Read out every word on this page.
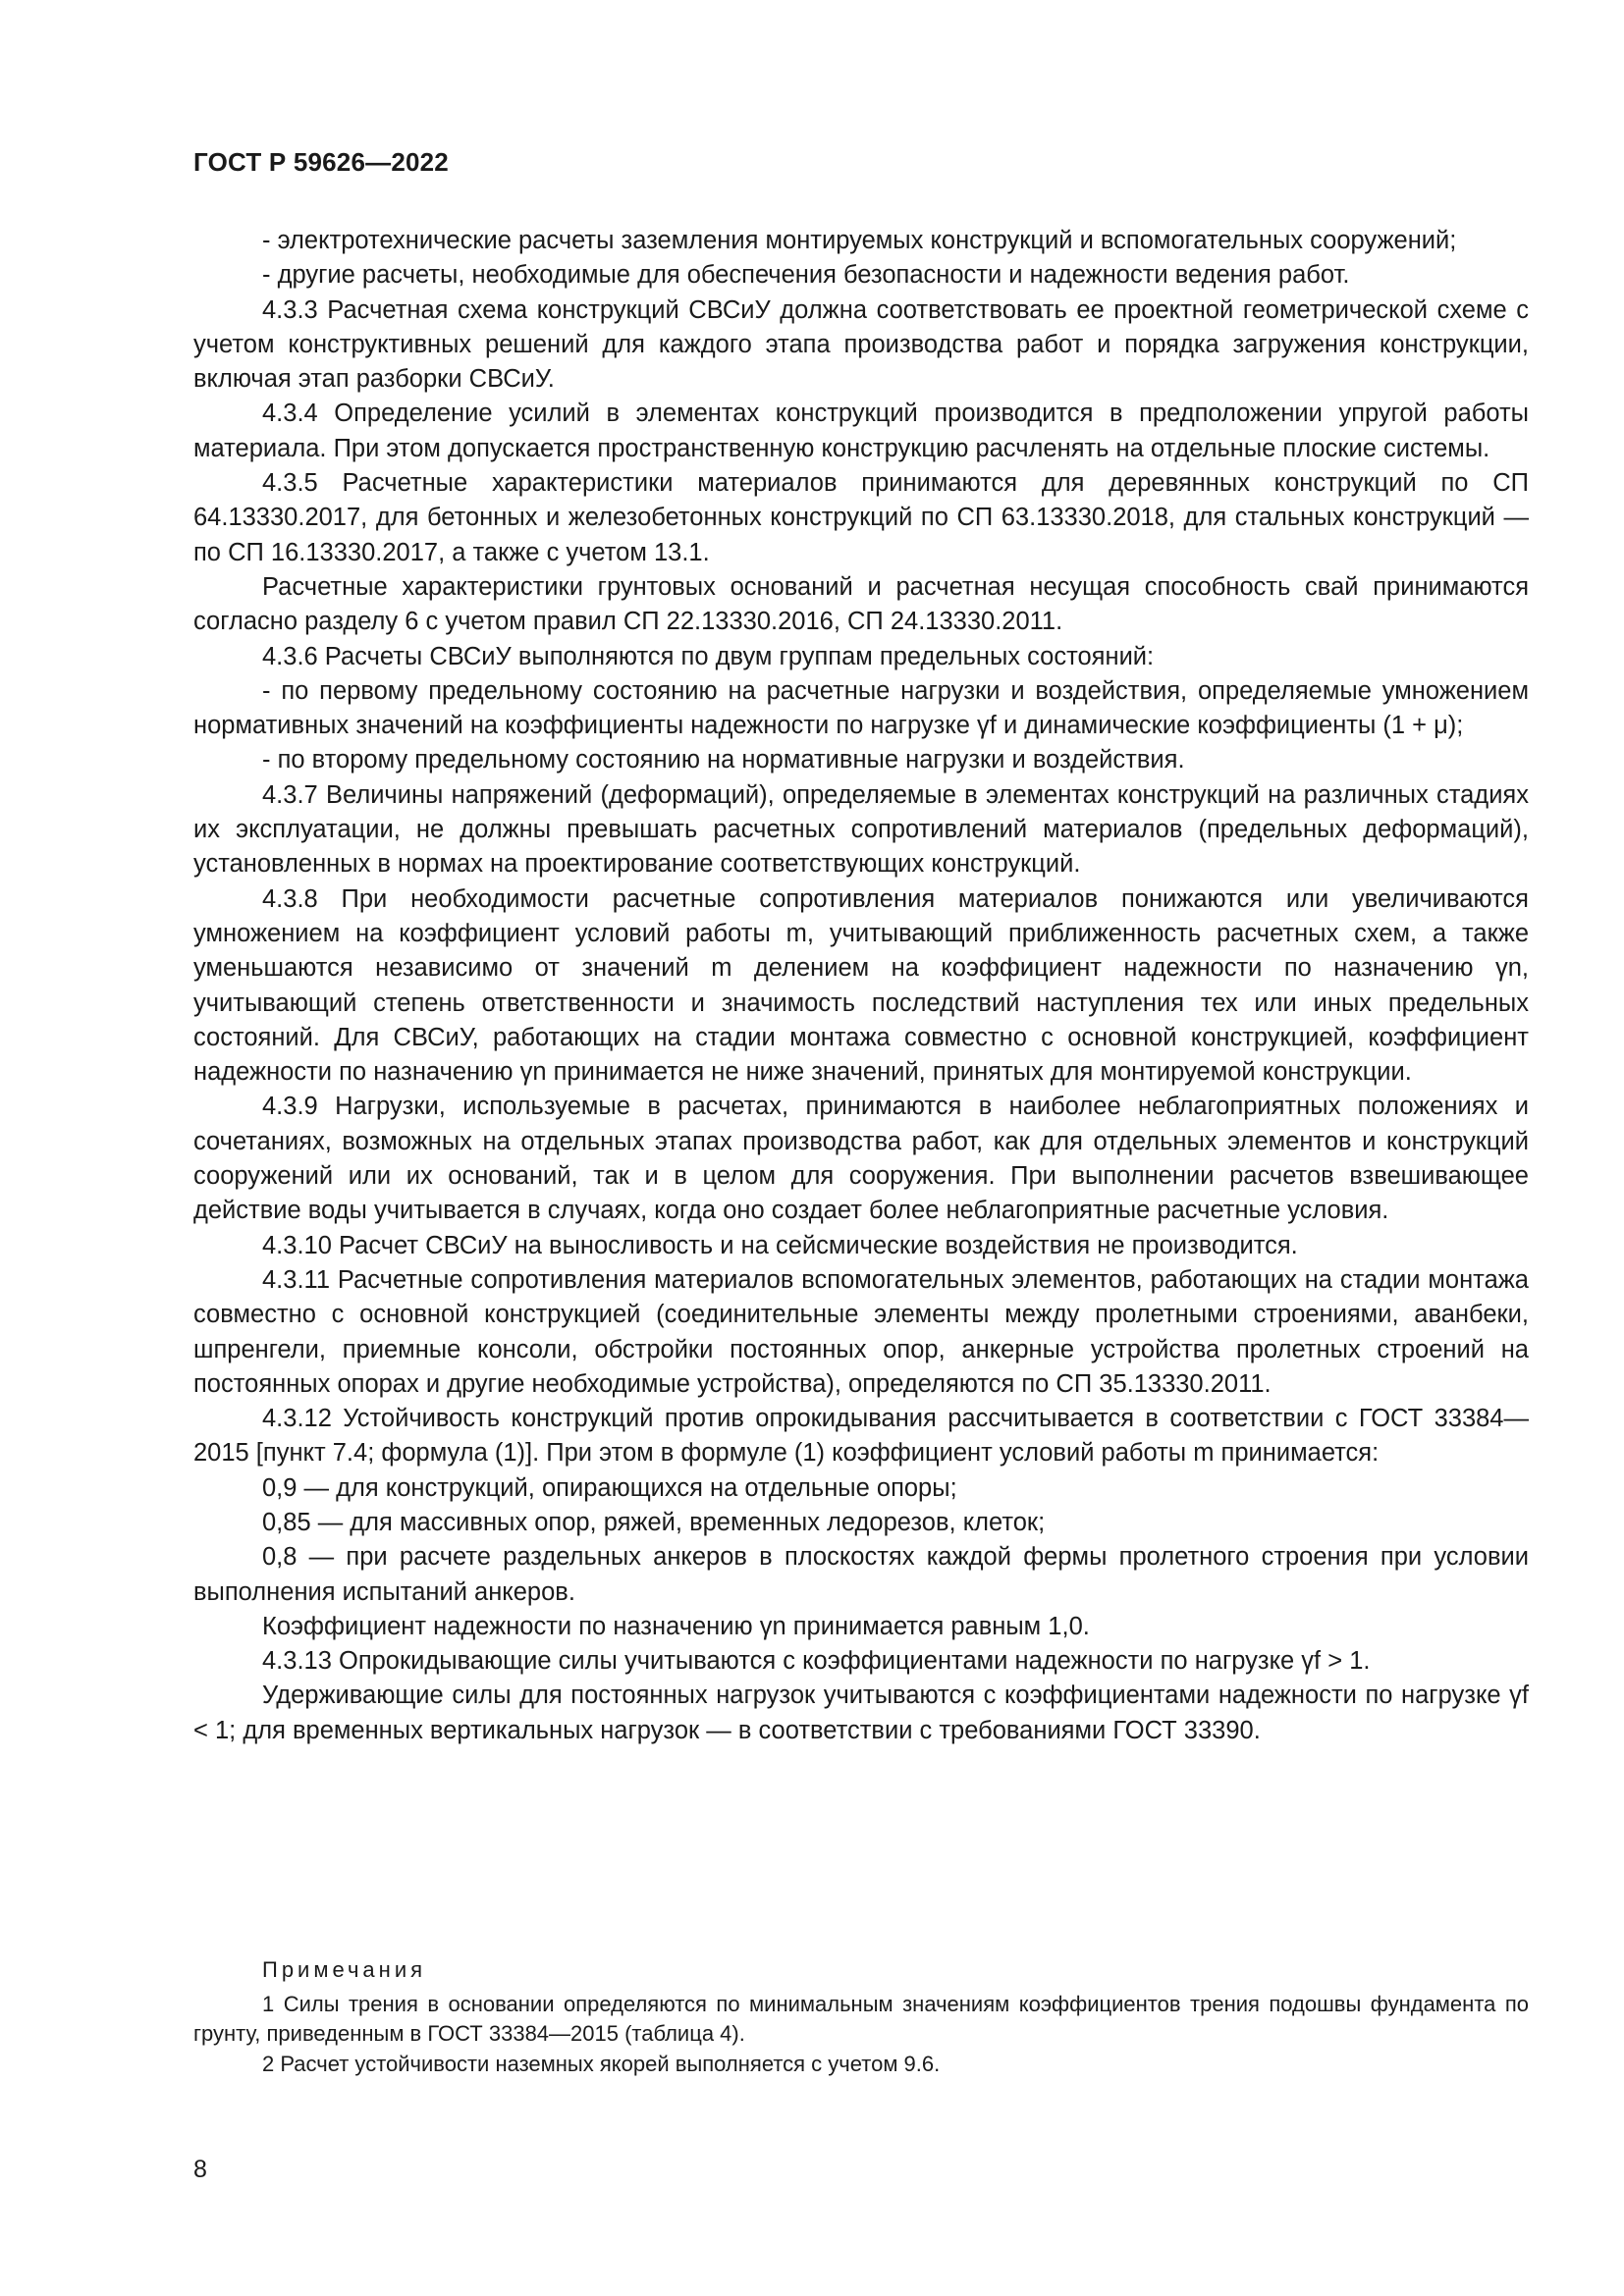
ГОСТ Р 59626—2022

- электротехнические расчеты заземления монтируемых конструкций и вспомогательных сооружений;

- другие расчеты, необходимые для обеспечения безопасности и надежности ведения работ.

4.3.3 Расчетная схема конструкций СВСиУ должна соответствовать ее проектной геометрической схеме с учетом конструктивных решений для каждого этапа производства работ и порядка загружения конструкции, включая этап разборки СВСиУ.

4.3.4 Определение усилий в элементах конструкций производится в предположении упругой работы материала. При этом допускается пространственную конструкцию расчленять на отдельные плоские системы.

4.3.5 Расчетные характеристики материалов принимаются для деревянных конструкций по СП 64.13330.2017, для бетонных и железобетонных конструкций по СП 63.13330.2018, для стальных конструкций — по СП 16.13330.2017, а также с учетом 13.1.

Расчетные характеристики грунтовых оснований и расчетная несущая способность свай принимаются согласно разделу 6 с учетом правил СП 22.13330.2016, СП 24.13330.2011.

4.3.6 Расчеты СВСиУ выполняются по двум группам предельных состояний:

- по первому предельному состоянию на расчетные нагрузки и воздействия, определяемые умножением нормативных значений на коэффициенты надежности по нагрузке γf и динамические коэффициенты (1 + μ);

- по второму предельному состоянию на нормативные нагрузки и воздействия.

4.3.7 Величины напряжений (деформаций), определяемые в элементах конструкций на различных стадиях их эксплуатации, не должны превышать расчетных сопротивлений материалов (предельных деформаций), установленных в нормах на проектирование соответствующих конструкций.

4.3.8 При необходимости расчетные сопротивления материалов понижаются или увеличиваются умножением на коэффициент условий работы m, учитывающий приближенность расчетных схем, а также уменьшаются независимо от значений m делением на коэффициент надежности по назначению γn, учитывающий степень ответственности и значимость последствий наступления тех или иных предельных состояний. Для СВСиУ, работающих на стадии монтажа совместно с основной конструкцией, коэффициент надежности по назначению γn принимается не ниже значений, принятых для монтируемой конструкции.

4.3.9 Нагрузки, используемые в расчетах, принимаются в наиболее неблагоприятных положениях и сочетаниях, возможных на отдельных этапах производства работ, как для отдельных элементов и конструкций сооружений или их оснований, так и в целом для сооружения. При выполнении расчетов взвешивающее действие воды учитывается в случаях, когда оно создает более неблагоприятные расчетные условия.

4.3.10 Расчет СВСиУ на выносливость и на сейсмические воздействия не производится.

4.3.11 Расчетные сопротивления материалов вспомогательных элементов, работающих на стадии монтажа совместно с основной конструкцией (соединительные элементы между пролетными строениями, аванбеки, шпренгели, приемные консоли, обстройки постоянных опор, анкерные устройства пролетных строений на постоянных опорах и другие необходимые устройства), определяются по СП 35.13330.2011.

4.3.12 Устойчивость конструкций против опрокидывания рассчитывается в соответствии с ГОСТ 33384—2015 [пункт 7.4; формула (1)]. При этом в формуле (1) коэффициент условий работы m принимается:

0,9 — для конструкций, опирающихся на отдельные опоры;

0,85 — для массивных опор, ряжей, временных ледорезов, клеток;

0,8 — при расчете раздельных анкеров в плоскостях каждой фермы пролетного строения при условии выполнения испытаний анкеров.

Коэффициент надежности по назначению γn принимается равным 1,0.

4.3.13 Опрокидывающие силы учитываются с коэффициентами надежности по нагрузке γf > 1.

Удерживающие силы для постоянных нагрузок учитываются с коэффициентами надежности по нагрузке γf < 1; для временных вертикальных нагрузок — в соответствии с требованиями ГОСТ 33390.

Примечания

1 Силы трения в основании определяются по минимальным значениям коэффициентов трения подошвы фундамента по грунту, приведенным в ГОСТ 33384—2015 (таблица 4).

2 Расчет устойчивости наземных якорей выполняется с учетом 9.6.

8
